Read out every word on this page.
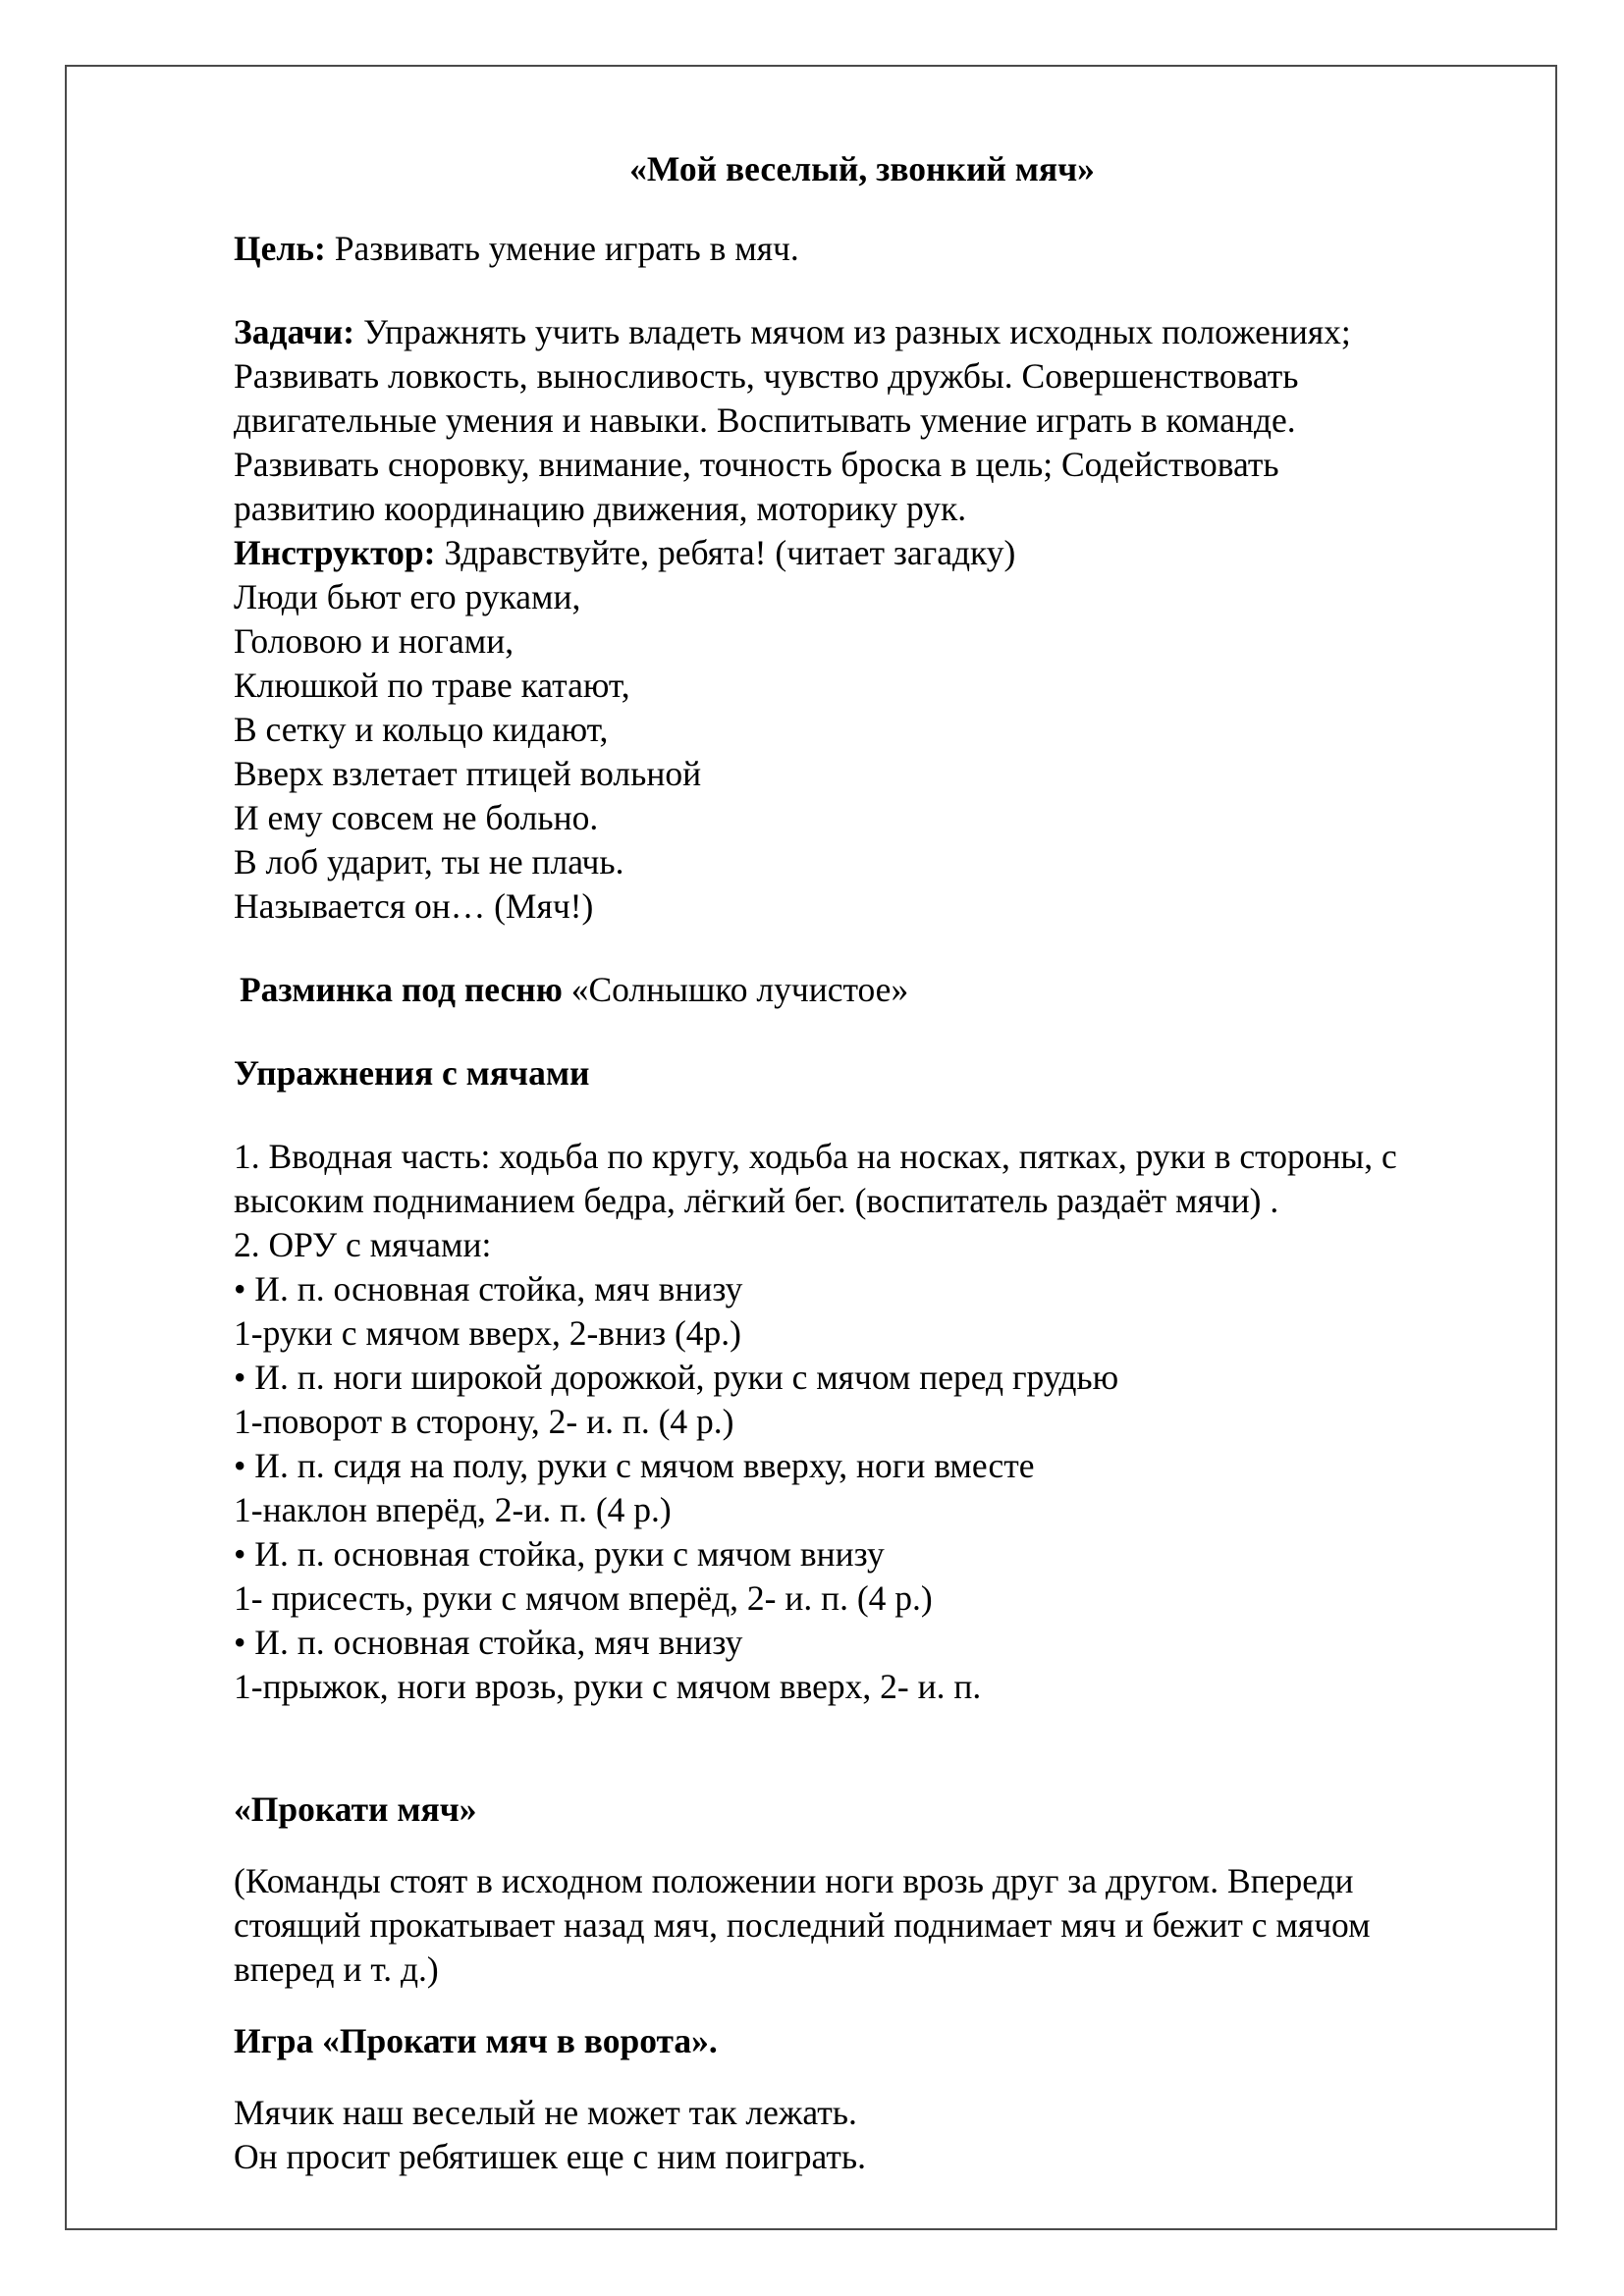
«Мой веселый, звонкий мяч»

Цель: Развивать умение играть в мяч.

Задачи: Упражнять учить владеть мячом из разных исходных положениях;
Развивать ловкость, выносливость, чувство дружбы. Совершенствовать
двигательные умения и навыки. Воспитывать умение играть в команде.
Развивать сноровку, внимание, точность броска в цель; Содействовать
развитию координацию движения, моторику рук.
Инструктор: Здравствуйте, ребята! (читает загадку)
Люди бьют его руками,
Головою и ногами,
Клюшкой по траве катают,
В сетку и кольцо кидают,
Вверх взлетает птицей вольной
И ему совсем не больно.
В лоб ударит, ты не плачь.
Называется он… (Мяч!)
Разминка под песню «Солнышко лучистое»
Упражнения с мячами
1. Вводная часть: ходьба по кругу, ходьба на носках, пятках, руки в стороны, с
высоким подниманием бедра, лёгкий бег. (воспитатель раздаёт мячи) .
2. ОРУ с мячами:
• И. п. основная стойка, мяч внизу
1-руки с мячом вверх, 2-вниз (4р.)
• И. п. ноги широкой дорожкой, руки с мячом перед грудью
1-поворот в сторону, 2- и. п. (4 р.)
• И. п. сидя на полу, руки с мячом вверху, ноги вместе
1-наклон вперёд, 2-и. п. (4 р.)
• И. п. основная стойка, руки с мячом внизу
1- присесть, руки с мячом вперёд, 2- и. п. (4 р.)
• И. п. основная стойка, мяч внизу
1-прыжок, ноги врозь, руки с мячом вверх, 2- и. п.
«Прокати мяч»
(Команды стоят в исходном положении ноги врозь друг за другом. Впереди
стоящий прокатывает назад мяч, последний поднимает мяч и бежит с мячом
вперед и т. д.)
Игра «Прокати мяч в ворота».
Мячик наш веселый не может так лежать.
Он просит ребятишек еще с ним поиграть.
